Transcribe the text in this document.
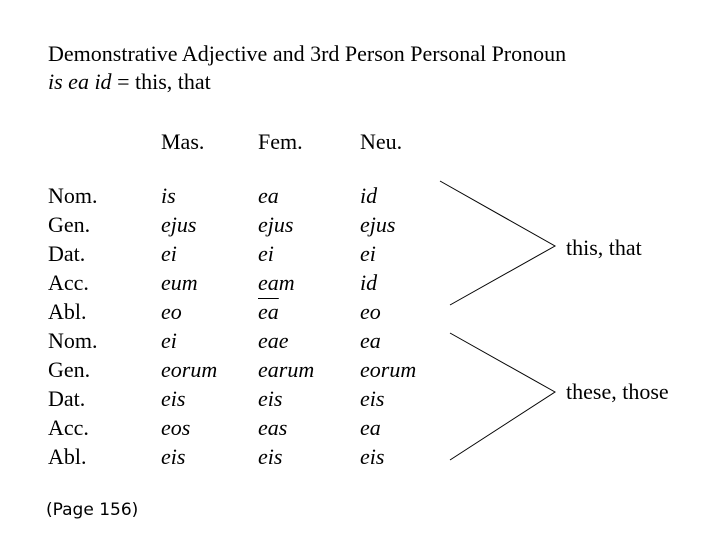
Demonstrative Adjective and 3rd Person Personal Pronoun
is ea id = this, that
Mas. Fem.	Neu.
Nom.
Gen.
Dat.
Acc.
Abl.
Nom.
Gen.
Dat.
Acc.
Abl.
is
ejus
ei
eum
eo
ei
eorum
eis
eos
eis
ea
ejus
ei
eam
$\overline{ea}$
eae
earum
eis
eas
eis
id
ejus
ei
id
eo
ea
eorum
eis
ea
eis
this, that
these, those
(Page 156)
